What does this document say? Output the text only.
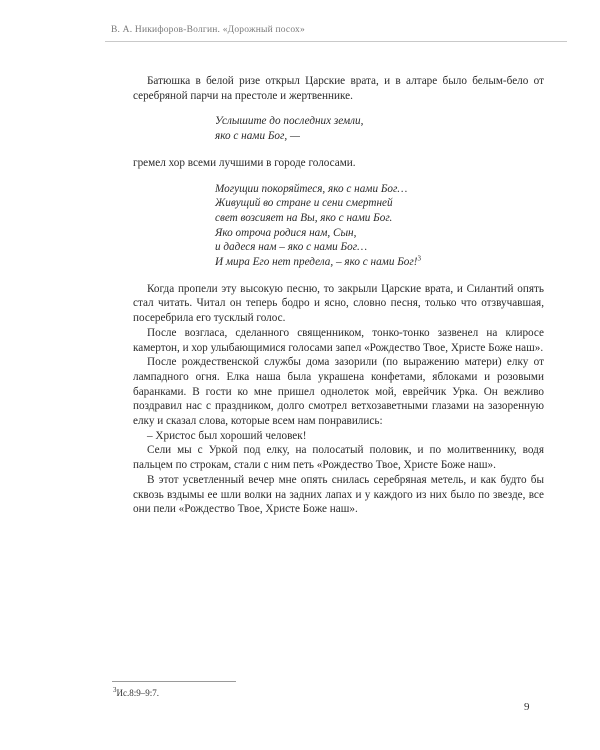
В. А. Никифоров-Волгин. «Дорожный посох»

Батюшка в белой ризе открыл Царские врата, и в алтаре было белым-бело от серебряной парчи на престоле и жертвеннике.

Услышите до последних земли,
яко с нами Бог, —

гремел хор всеми лучшими в городе голосами.

Могущии покоряйтеся, яко с нами Бог…
Живущий во стране и сени смертней
свет возсияет на Вы, яко с нами Бог.
Яко отроча родися нам, Сын,
и дадеся нам – яко с нами Бог…
И мира Его нет предела, – яко с нами Бог!$^3$

Когда пропели эту высокую песню, то закрыли Царские врата, и Силантий опять стал читать. Читал он теперь бодро и ясно, словно песня, только что отзвучавшая, посеребрила его тусклый голос.

После возгласа, сделанного священником, тонко-тонко зазвенел на клиросе камертон, и хор улыбающимися голосами запел «Рождество Твое, Христе Боже наш».

После рождественской службы дома зазорили (по выражению матери) елку от лампадного огня. Елка наша была украшена конфетами, яблоками и розовыми баранками. В гости ко мне пришел однолеток мой, еврейчик Урка. Он вежливо поздравил нас с праздником, долго смотрел ветхозаветными глазами на зазоренную елку и сказал слова, которые всем нам понравились:

– Христос был хороший человек!

Сели мы с Уркой под елку, на полосатый половик, и по молитвеннику, водя пальцем по строкам, стали с ним петь «Рождество Твое, Христе Боже наш».

В этот усветленный вечер мне опять снилась серебряная метель, и как будто бы сквозь вздымы ее шли волки на задних лапах и у каждого из них было по звезде, все они пели «Рождество Твое, Христе Боже наш».

$^3$Ис.8:9–9:7.
9
